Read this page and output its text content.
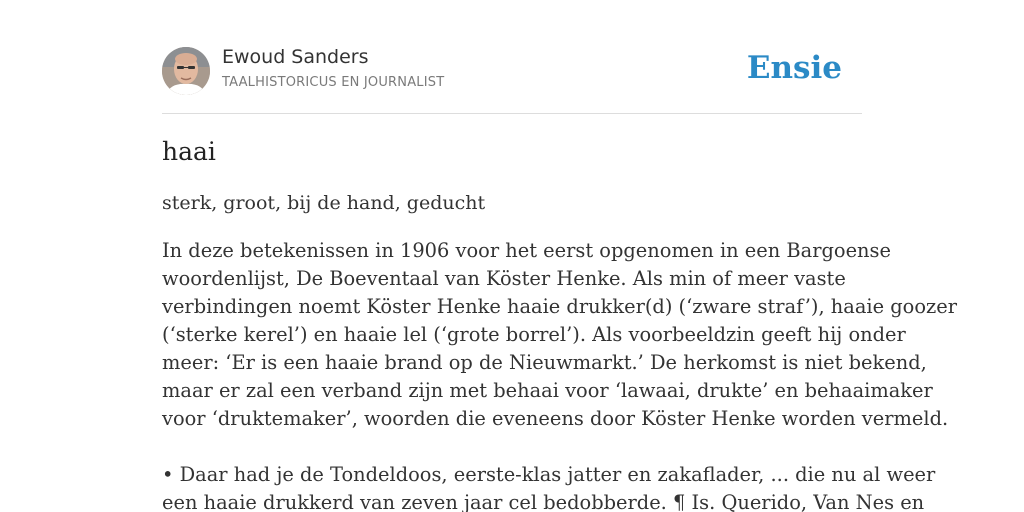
Ewoud Sanders
TAALHISTORICUS EN JOURNALIST	Ensie
haai
sterk, groot, bij de hand, geducht
In deze betekenissen in 1906 voor het eerst opgenomen in een Bargoense
woordenlijst, De Boeventaal van Köster Henke. Als min of meer vaste
verbindingen noemt Köster Henke haaie drukker(d) (‘zware straf’), haaie goozer
(‘sterke kerel’) en haaie lel (‘grote borrel’). Als voorbeeldzin geeft hij onder
meer: ‘Er is een haaie brand op de Nieuwmarkt.’ De herkomst is niet bekend,
maar er zal een verband zijn met behaai voor ‘lawaai, drukte’ en behaaimaker
voor ‘druktemaker’, woorden die eveneens door Köster Henke worden vermeld.
• Daar had je de Tondeldoos, eerste-klas jatter en zakaflader, ... die nu al weer
een haaie drukkerd van zeven jaar cel bedobberde. ¶ Is. Querido, Van Nes en
